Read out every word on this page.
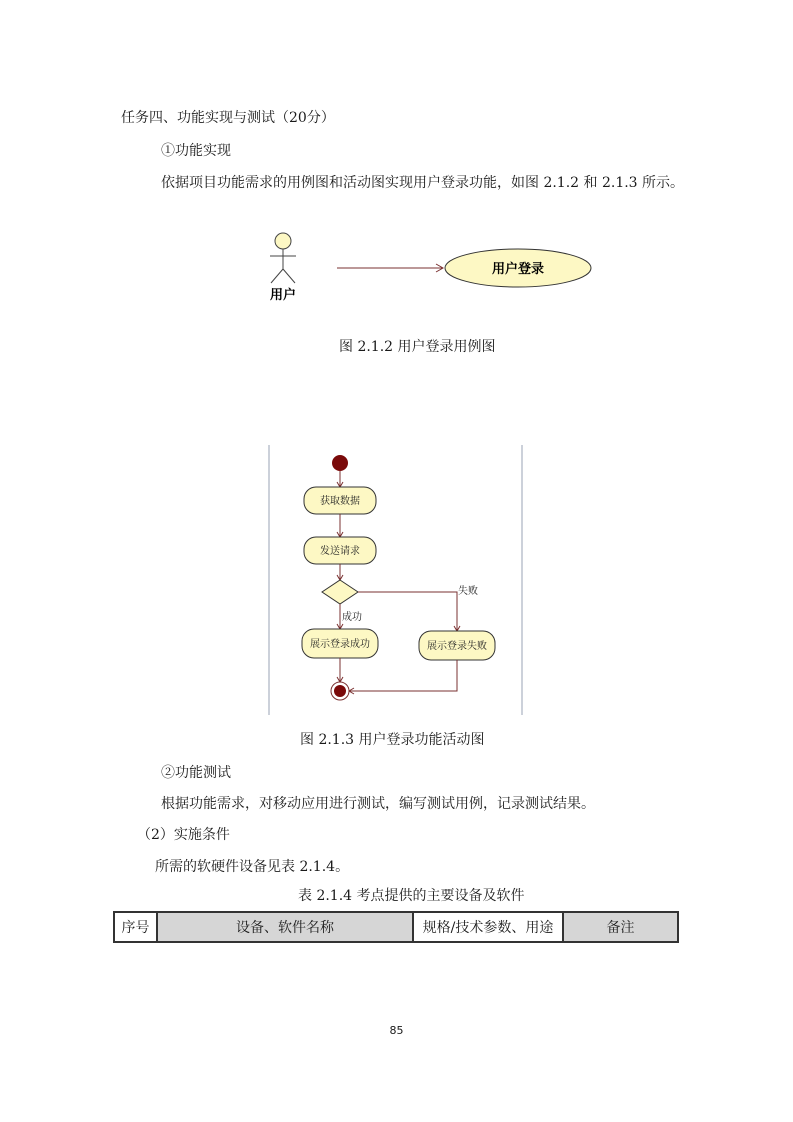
任务四、功能实现与测试（20分）
①功能实现
依据项目功能需求的用例图和活动图实现用户登录功能，如图 2.1.2 和 2.1.3 所示。
用户
用户登录
图 2.1.2 用户登录用例图
获取数据
发送请求
失败
成功
展示登录成功	展示登录失败
图 2.1.3 用户登录功能活动图
②功能测试
根据功能需求，对移动应用进行测试，编写测试用例，记录测试结果。
（2）实施条件
所需的软硬件设备见表 2.1.4。
表 2.1.4 考点提供的主要设备及软件
序号	设备、软件名称	规格/技术参数、用途	备注
85
